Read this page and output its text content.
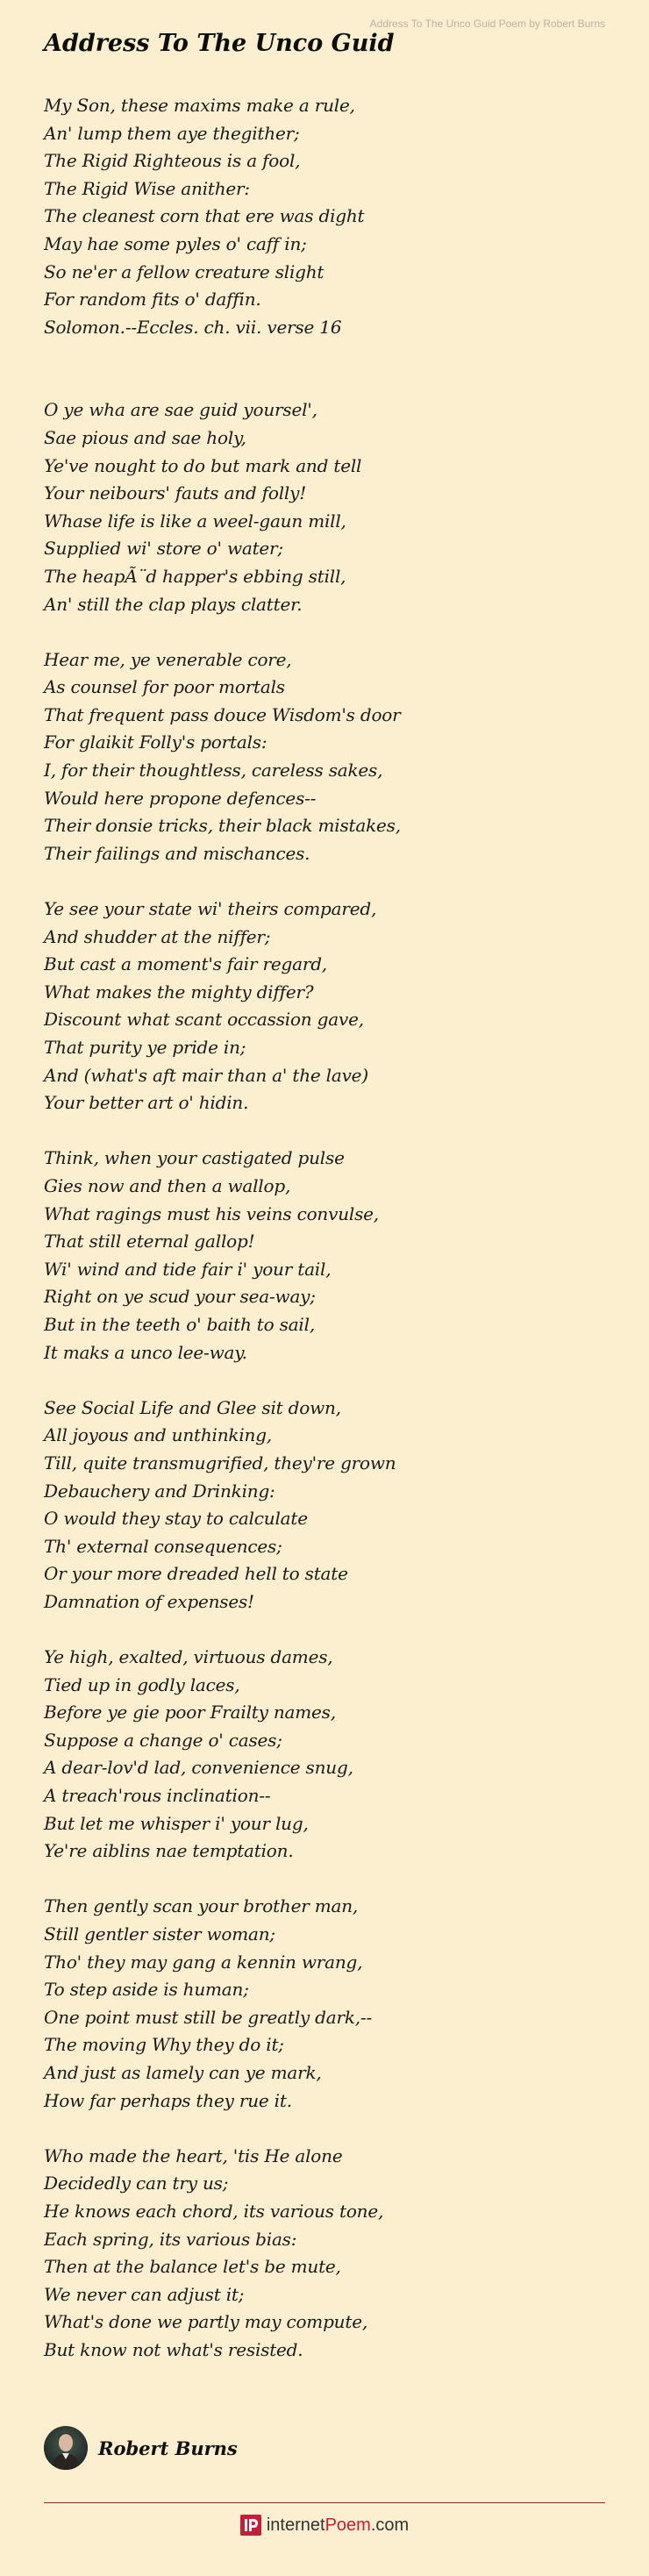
Address To The Unco Guid Poem by Robert Burns
Address To The Unco Guid
My Son, these maxims make a rule,
An' lump them aye thegither;
The Rigid Righteous is a fool,
The Rigid Wise anither:
The cleanest corn that ere was dight
May hae some pyles o' caff in;
So ne'er a fellow creature slight
For random fits o' daffin.
Solomon.--Eccles. ch. vii. verse 16
O ye wha are sae guid yoursel',
Sae pious and sae holy,
Ye've nought to do but mark and tell
Your neibours' fauts and folly!
Whase life is like a weel-gaun mill,
Supplied wi' store o' water;
The heapÃ¨d happer's ebbing still,
An' still the clap plays clatter.
Hear me, ye venerable core,
As counsel for poor mortals
That frequent pass douce Wisdom's door
For glaikit Folly's portals:
I, for their thoughtless, careless sakes,
Would here propone defences--
Their donsie tricks, their black mistakes,
Their failings and mischances.
Ye see your state wi' theirs compared,
And shudder at the niffer;
But cast a moment's fair regard,
What makes the mighty differ?
Discount what scant occassion gave,
That purity ye pride in;
And (what's aft mair than a' the lave)
Your better art o' hidin.
Think, when your castigated pulse
Gies now and then a wallop,
What ragings must his veins convulse,
That still eternal gallop!
Wi' wind and tide fair i' your tail,
Right on ye scud your sea-way;
But in the teeth o' baith to sail,
It maks a unco lee-way.
See Social Life and Glee sit down,
All joyous and unthinking,
Till, quite transmugrified, they're grown
Debauchery and Drinking:
O would they stay to calculate
Th' external consequences;
Or your more dreaded hell to state
Damnation of expenses!
Ye high, exalted, virtuous dames,
Tied up in godly laces,
Before ye gie poor Frailty names,
Suppose a change o' cases;
A dear-lov'd lad, convenience snug,
A treach'rous inclination--
But let me whisper i' your lug,
Ye're aiblins nae temptation.
Then gently scan your brother man,
Still gentler sister woman;
Tho' they may gang a kennin wrang,
To step aside is human;
One point must still be greatly dark,--
The moving Why they do it;
And just as lamely can ye mark,
How far perhaps they rue it.
Who made the heart, 'tis He alone
Decidedly can try us;
He knows each chord, its various tone,
Each spring, its various bias:
Then at the balance let's be mute,
We never can adjust it;
What's done we partly may compute,
But know not what's resisted.
Robert Burns
internetPoem.com
